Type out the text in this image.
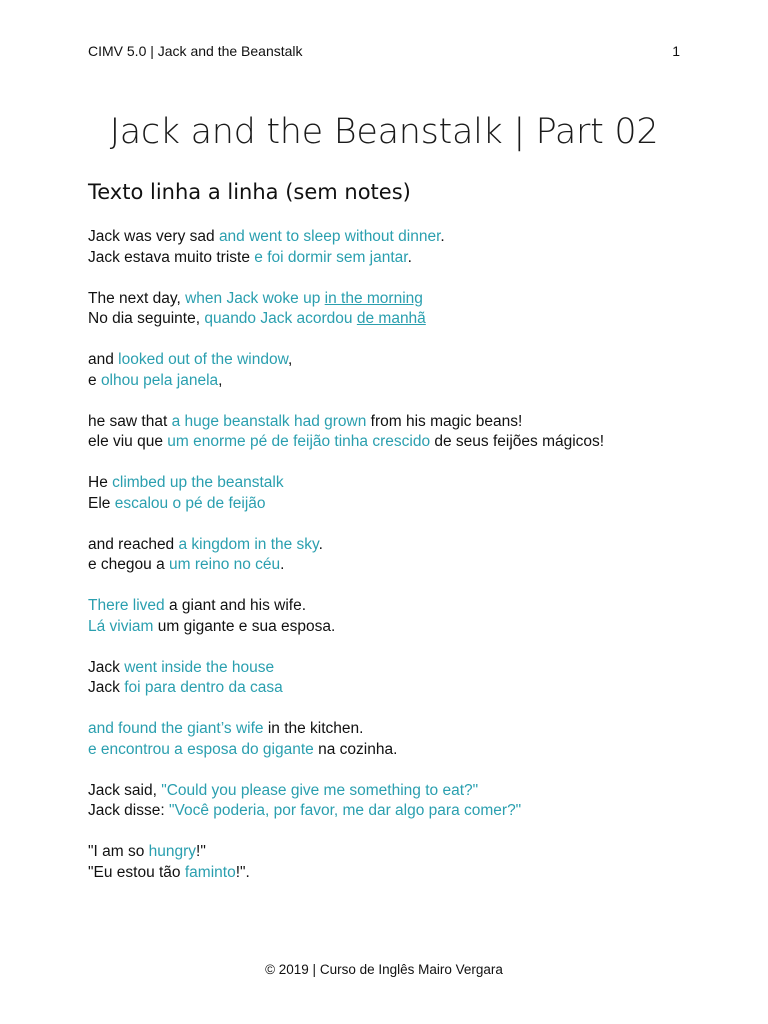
CIMV 5.0 | Jack and the Beanstalk	1
Jack and the Beanstalk | Part 02
Texto linha a linha (sem notes)
Jack was very sad and went to sleep without dinner.
Jack estava muito triste e foi dormir sem jantar.
The next day, when Jack woke up in the morning
No dia seguinte, quando Jack acordou de manhã
and looked out of the window,
e olhou pela janela,
he saw that a huge beanstalk had grown from his magic beans!
ele viu que um enorme pé de feijão tinha crescido de seus feijões mágicos!
He climbed up the beanstalk
Ele escalou o pé de feijão
and reached a kingdom in the sky.
e chegou a um reino no céu.
There lived a giant and his wife.
Lá viviam um gigante e sua esposa.
Jack went inside the house
Jack foi para dentro da casa
and found the giant’s wife in the kitchen.
e encontrou a esposa do gigante na cozinha.
Jack said, "Could you please give me something to eat?"
Jack disse: "Você poderia, por favor, me dar algo para comer?"
"I am so hungry!"
"Eu estou tão faminto!".
© 2019 | Curso de Inglês Mairo Vergara
